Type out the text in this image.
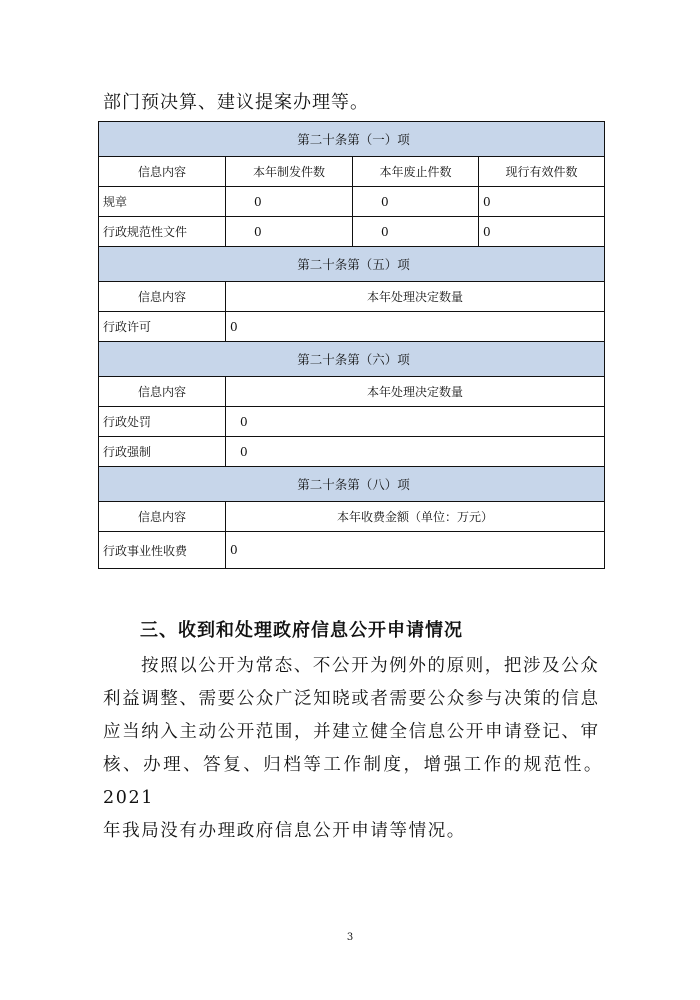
部门预决算、建议提案办理等。
第二十条第（一）项			
信息内容	本年制发件数	本年废止件数	现行有效件数
规章	0	0	0
行政规范性文件	0	0	0
第二十条第（五）项			
信息内容	本年处理决定数量		
行政许可	0		
第二十条第（六）项			
信息内容	本年处理决定数量		
行政处罚	0		
行政强制	0		
第二十条第（八）项			
信息内容	本年收费金额（单位：万元）		
行政事业性收费	0		
三、收到和处理政府信息公开申请情况
按照以公开为常态、不公开为例外的原则，把涉及公众
利益调整、需要公众广泛知晓或者需要公众参与决策的信息
应当纳入主动公开范围，并建立健全信息公开申请登记、审
核、办理、答复、归档等工作制度，增强工作的规范性。2021
年我局没有办理政府信息公开申请等情况。
3
